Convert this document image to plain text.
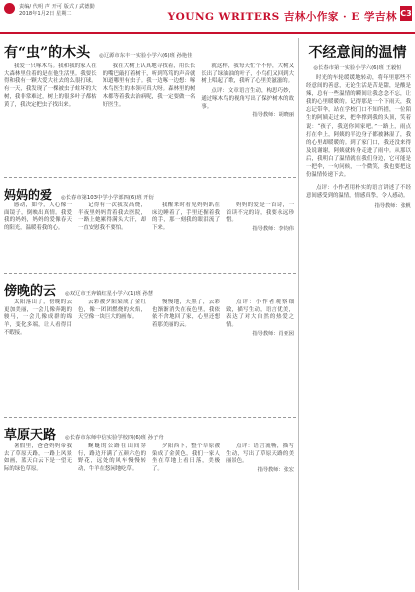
责编/ 代明 声 开可 版式 / 武德勤
2018年1月2日 星期二	YOUNG WRITERS 吉林小作家 · E 学吉林 C3
有“虫”的木头 ◎辽源市东丰一实验小学六(6)班 孙艳佳
我爱一只啄木鸟。我和我的家人在大森林里住着的是在他生活里。我要长得和我有一颗大爱大社去的么很打球。有一天，我发现了一棵被虫子蛀坏的大树，我非常难过，树上的很多叶子都枯黄了，我决定把虫子找出来。
我在大树上认真地寻找着，用长长的嘴巴敲打着树干，听到笃笃的声音就知道哪里有虫子。我一边啄一边想：啄木鸟医生的本领可真大呀。森林里的树木都等着我去治病呢，我一定要做一名好医生。
就这样，我每天忙个不停，大树又长出了绿油油的叶子，小鸟们又回到大树上唱起了歌，我听了心里美滋滋的。
点评：文章语言生动，构思巧妙，通过啄木鸟的视角写出了保护树木的故事。
指导教师：胡晓丽
妈妈的爱 ◎长春市第103中学小学部四(6)班 开衍
感动，如今，人心像一面镜子，倒映出真情。我爱我的妈妈，妈妈的爱像春天的阳光，温暖着我的心。
记得有一次我发高烧，半夜里妈妈背着我去医院，一路上她累得满头大汗，却一直安慰我不要怕。
我醒来时看见妈妈趴在床边睡着了，手里还握着我的手，那一刻我的眼泪流了下来。
妈妈的爱是一首诗，一首读不完的诗，我要永远珍惜。
指导教师：李钧伟
傍晚的云 ◎双辽市王奔镇红星小学六(1)班 孙慧
太阳落山了，傍晚的云更加美丽，一会儿像奔跑的骏马，一会儿像成群的绵羊，变化多端，让人看得目不暇接。
云彩被夕阳染成了金红色，像一团团燃烧的火焰，天空像一块巨大的画布。
慢慢地，天黑了，云彩也渐渐消失在夜色里，我依依不舍地回了家，心里还想着那美丽的云。
点评：小作者观察细致，描写生动，语言优美，表达了对大自然的热爱之情。
指导教师：肖亚囡
草原天路 ◎长春市东师中信实验学校四(6)班 孙子舟
暑假里，爸爸妈妈带我去了草原天路，一路上风景如画，蓝天白云下是一望无际的绿色草原。
蜿蜒的公路在山间穿行，路边开满了五颜六色的野花，远处的风车慢慢转动，牛羊在悠闲地吃草。
夕阳西下，整个草原被染成了金黄色，我们一家人坐在草地上看日落，美极了。
点评：语言流畅，描写生动，写出了草原天路的美丽景色。
指导教师：张宏
不经意间的温情
◎长春市第一实验小学六(6)班 王毅恒
时光的车轮缓缓地转动，将年里那些不经意间的善意，无论生活是苦是甜，是酸是辣，总有一些温情的瞬间让我念念不忘，让我的心里暖暖的。记得那是一个下雨天，我忘记带伞，站在学校门口不知所措，一位陌生的阿姨走过来，把伞撑到我的头顶，笑着说：“孩子，我送你回家吧。”一路上，雨点打在伞上，阿姨的半边身子都被淋湿了，我的心里却暖暖的。到了家门口，我还没来得及说谢谢，阿姨就转身走进了雨中。从那以后，我明白了温情就在我们身边，它可能是一把伞，一句问候，一个微笑，我也要把这份温情传递下去。
点评：小作者用朴实的语言讲述了不经意间感受到的温情，情感真挚，令人感动。
指导教师：张帆
